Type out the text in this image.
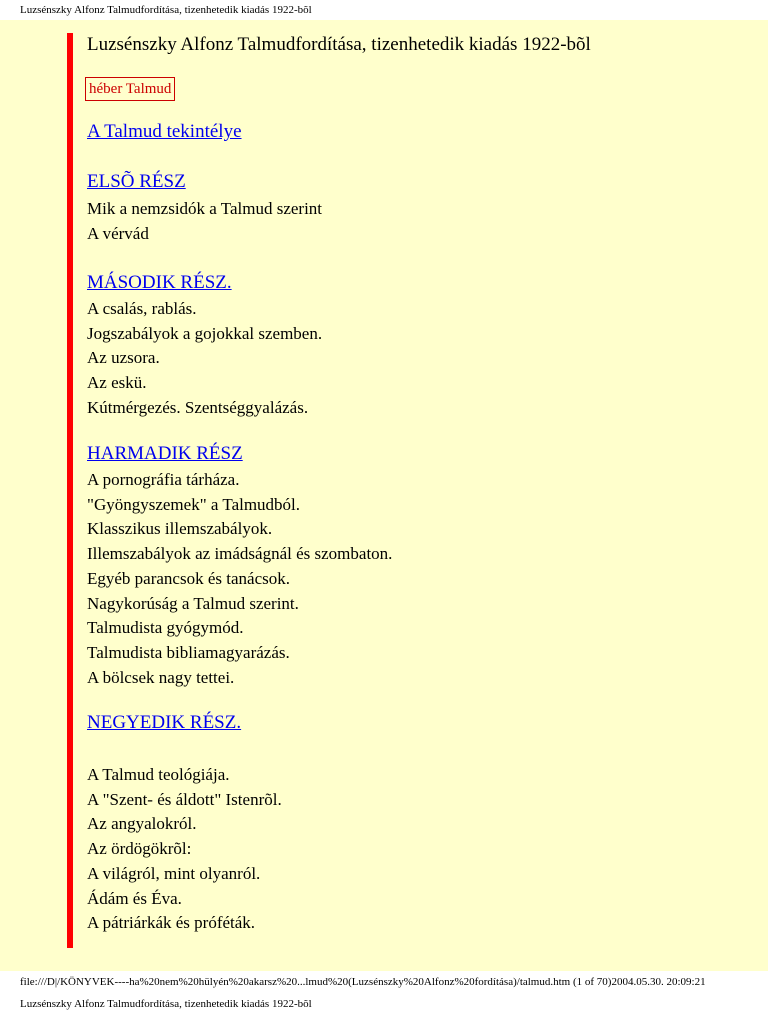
Luzsénszky Alfonz Talmudfordítása, tizenhetedik kiadás 1922-bõl
Luzsénszky Alfonz Talmudfordítása, tizenhetedik kiadás 1922-bõl
héber Talmud
A Talmud tekintélye
ELSÕ RÉSZ
Mik a nemzsidók a Talmud szerint
A vérvád
MÁSODIK RÉSZ.
A csalás, rablás.
Jogszabályok a gojokkal szemben.
Az uzsora.
Az eskü.
Kútmérgezés. Szentséggyalázás.
HARMADIK RÉSZ
A pornográfia tárháza.
"Gyöngyszemek" a Talmudból.
Klasszikus illemszabályok.
Illemszabályok az imádságnál és szombaton.
Egyéb parancsok és tanácsok.
Nagykorúság a Talmud szerint.
Talmudista gyógymód.
Talmudista bibliamagyarázás.
A bölcsek nagy tettei.
NEGYEDIK RÉSZ.
A Talmud teológiája.
A "Szent- és áldott" Istenrõl.
Az angyalokról.
Az ördögökrõl:
A világról, mint olyanról.
Ádám és Éva.
A pátriárkák és próféták.
file:///D|/KÖNYVEK----ha%20nem%20hülyén%20akarsz%20...lmud%20(Luzsénszky%20Alfonz%20fordítása)/talmud.htm (1 of 70)2004.05.30. 20:09:21
Luzsénszky Alfonz Talmudfordítása, tizenhetedik kiadás 1922-bõl
